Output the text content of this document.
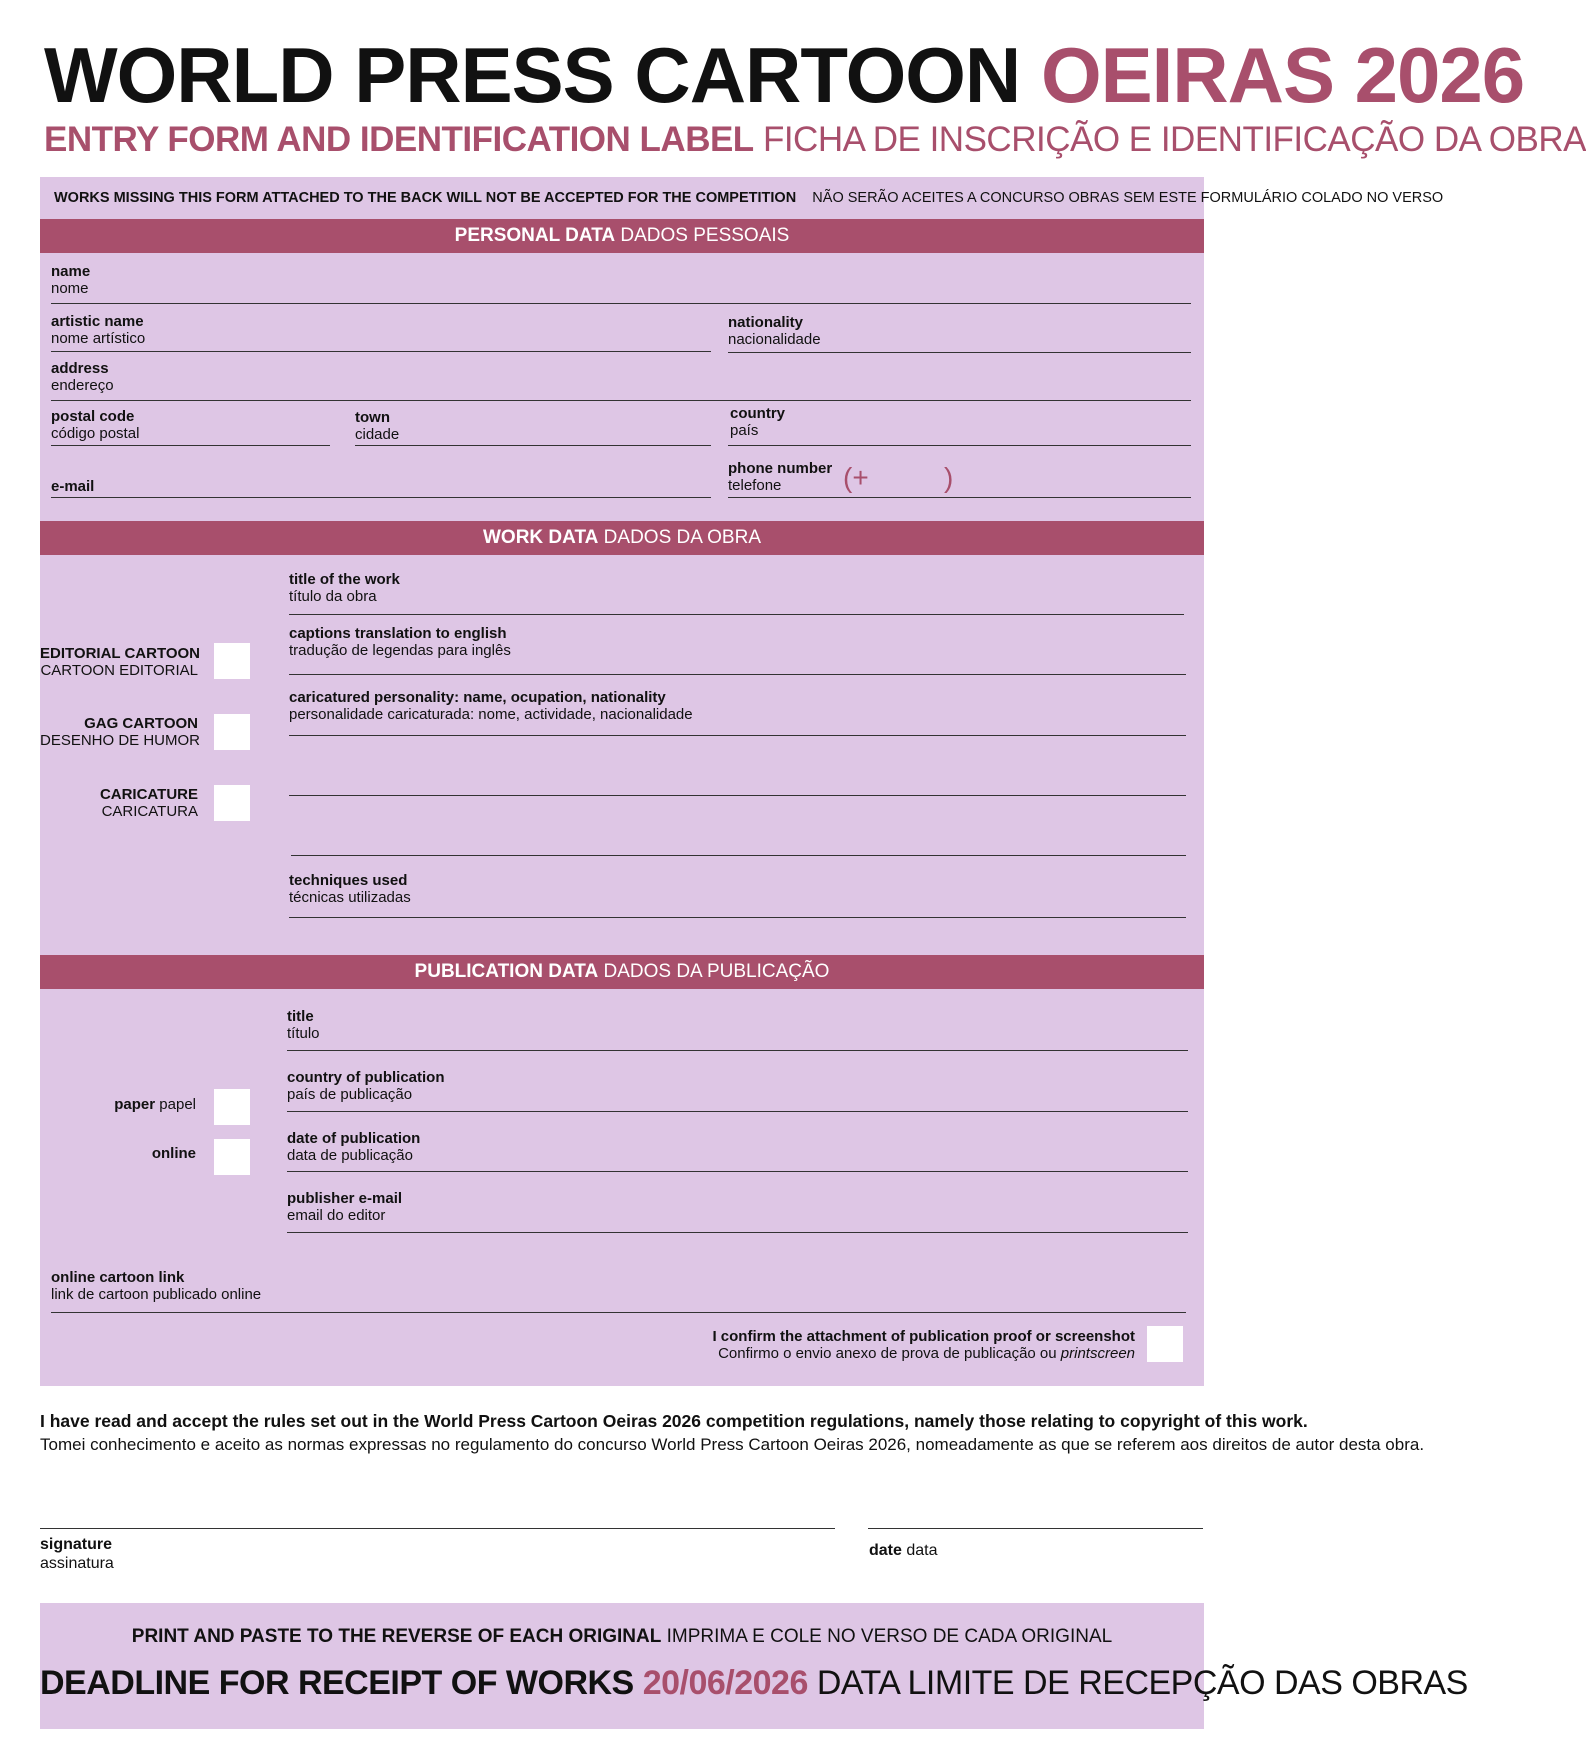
WORLD PRESS CARTOON OEIRAS 2026
ENTRY FORM AND IDENTIFICATION LABEL FICHA DE INSCRIÇÃO E IDENTIFICAÇÃO DA OBRA
WORKS MISSING THIS FORM ATTACHED TO THE BACK WILL NOT BE ACCEPTED FOR THE COMPETITION NÃO SERÃO ACEITES A CONCURSO OBRAS SEM ESTE FORMULÁRIO COLADO NO VERSO
PERSONAL DATA DADOS PESSOAIS
name
nome
artistic name
nome artístico
nationality
nacionalidade
address
endereço
postal code
código postal
town
cidade
country
país
e-mail
phone number
telefone	(+	)
WORK DATA DADOS DA OBRA
EDITORIAL CARTOON
CARTOON EDITORIAL
GAG CARTOON
DESENHO DE HUMOR
CARICATURE
CARICATURA
title of the work
título da obra
captions translation to english
tradução de legendas para inglês
caricatured personality: name, ocupation, nationality
personalidade caricaturada: nome, actividade, nacionalidade
techniques used
técnicas utilizadas
PUBLICATION DATA DADOS DA PUBLICAÇÃO
paper papel
online
title
título
country of publication
país de publicação
date of publication
data de publicação
publisher e-mail
email do editor
online cartoon link
link de cartoon publicado online
I confirm the attachment of publication proof or screenshot
Confirmo o envio anexo de prova de publicação ou printscreen
I have read and accept the rules set out in the World Press Cartoon Oeiras 2026 competition regulations, namely those relating to copyright of this work.
Tomei conhecimento e aceito as normas expressas no regulamento do concurso World Press Cartoon Oeiras 2026, nomeadamente as que se referem aos direitos de autor desta obra.
signature
assinatura
date data
PRINT AND PASTE TO THE REVERSE OF EACH ORIGINAL IMPRIMA E COLE NO VERSO DE CADA ORIGINAL
DEADLINE FOR RECEIPT OF WORKS 20/06/2026 DATA LIMITE DE RECEPÇÃO DAS OBRAS
